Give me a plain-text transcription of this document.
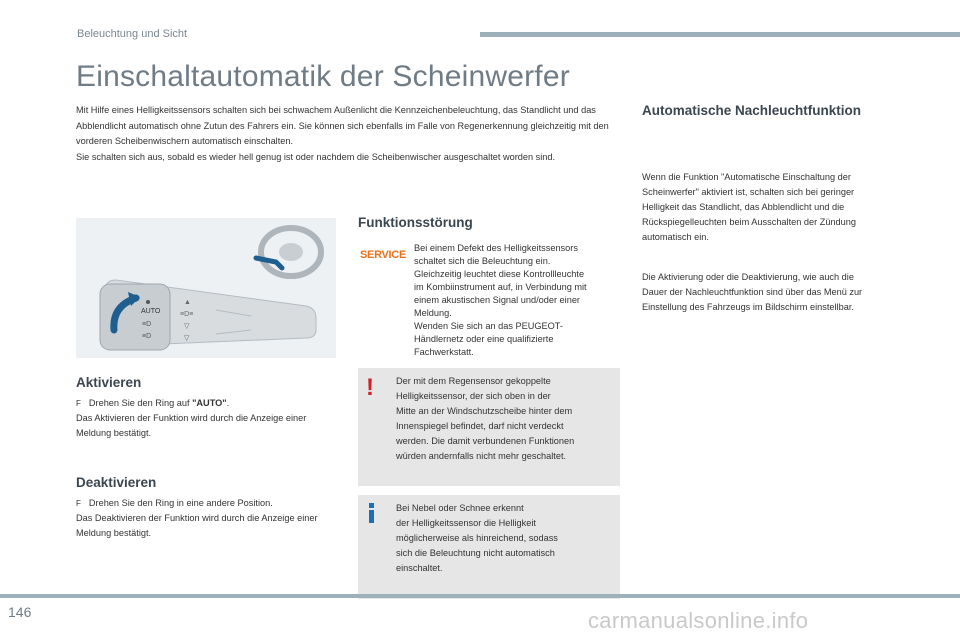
Beleuchtung und Sicht
Einschaltautomatik der Scheinwerfer

Mit Hilfe eines Helligkeitssensors schalten sich bei schwachem Außenlicht die Kennzeichenbeleuchtung, das Standlicht und das Abblendlicht automatisch ohne Zutun des Fahrers ein. Sie können sich ebenfalls im Falle von Regenerkennung gleichzeitig mit den vorderen Scheibenwischern automatisch einschalten.

Sie schalten sich aus, sobald es wieder hell genug ist oder nachdem die Scheibenwischer ausgeschaltet worden sind.

AUTO
≡D
≡D
▲
≡D≡
▽
▽
Aktivieren

F Drehen Sie den Ring auf "AUTO".

Das Aktivieren der Funktion wird durch die Anzeige einer Meldung bestätigt.

Deaktivieren

F Drehen Sie den Ring in eine andere Position.

Das Deaktivieren der Funktion wird durch die Anzeige einer Meldung bestätigt.

Funktionsstörung
SERVICE

Bei einem Defekt des Helligkeitssensors

schaltet sich die Beleuchtung ein.

Gleichzeitig leuchtet diese Kontrollleuchte

im Kombiinstrument auf, in Verbindung mit

einem akustischen Signal und/oder einer

Meldung.

Wenden Sie sich an das PEUGEOT-

Händlernetz oder eine qualifizierte

Fachwerkstatt.

!	Der mit dem Regensensor gekoppelte

Helligkeitssensor, der sich oben in der

Mitte an der Windschutzscheibe hinter dem

Innenspiegel befindet, darf nicht verdeckt

werden. Die damit verbundenen Funktionen

würden andernfalls nicht mehr geschaltet.

Bei Nebel oder Schnee erkennt

der Helligkeitssensor die Helligkeit

möglicherweise als hinreichend, sodass

sich die Beleuchtung nicht automatisch

einschaltet.

Automatische Nachleuchtfunktion

Wenn die Funktion "Automatische Einschaltung der

Scheinwerfer" aktiviert ist, schalten sich bei geringer

Helligkeit das Standlicht, das Abblendlicht und die

Rückspiegelleuchten beim Ausschalten der Zündung

automatisch ein.

Die Aktivierung oder die Deaktivierung, wie auch die

Dauer der Nachleuchtfunktion sind über das Menü zur

Einstellung des Fahrzeugs im Bildschirm einstellbar.

146	carmanualsonline.info
